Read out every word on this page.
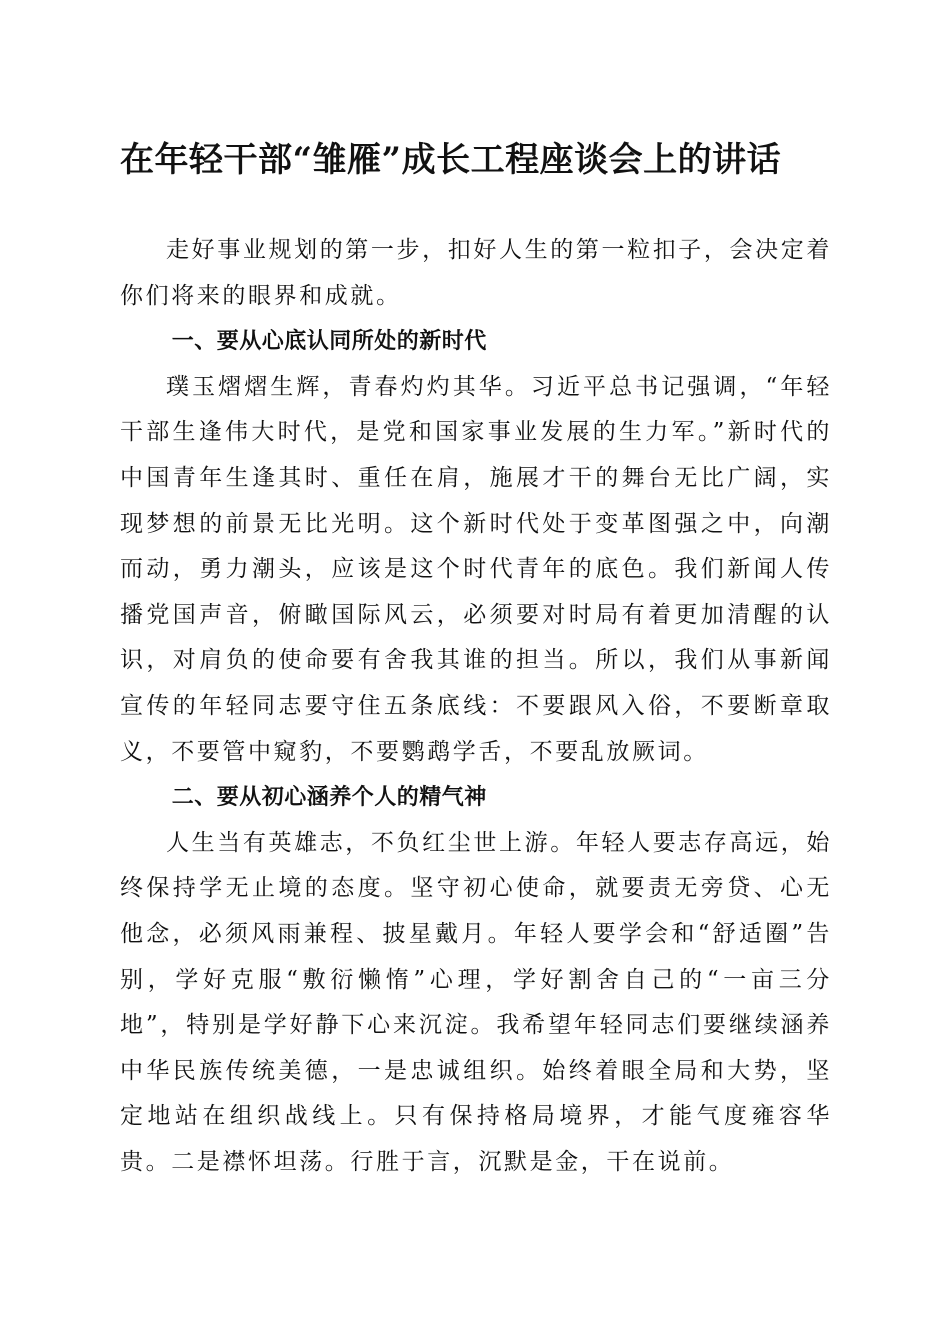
在年轻干部“雏雁”成长工程座谈会上的讲话

走好事业规划的第一步，扣好人生的第一粒扣子，会决定着你们将来的眼界和成就。

一、要从心底认同所处的新时代

璞玉熠熠生辉，青春灼灼其华。习近平总书记强调，“年轻干部生逢伟大时代，是党和国家事业发展的生力军。”新时代的中国青年生逢其时、重任在肩，施展才干的舞台无比广阔，实现梦想的前景无比光明。这个新时代处于变革图强之中，向潮而动，勇力潮头，应该是这个时代青年的底色。我们新闻人传播党国声音，俯瞰国际风云，必须要对时局有着更加清醒的认识，对肩负的使命要有舍我其谁的担当。所以，我们从事新闻宣传的年轻同志要守住五条底线：不要跟风入俗，不要断章取义，不要管中窥豹，不要鹦鹉学舌，不要乱放厥词。

二、要从初心涵养个人的精气神

人生当有英雄志，不负红尘世上游。年轻人要志存高远，始终保持学无止境的态度。坚守初心使命，就要责无旁贷、心无他念，必须风雨兼程、披星戴月。年轻人要学会和“舒适圈”告别，学好克服“敷衍懒惰”心理，学好割舍自己的“一亩三分地”，特别是学好静下心来沉淀。我希望年轻同志们要继续涵养中华民族传统美德，一是忠诚组织。始终着眼全局和大势，坚定地站在组织战线上。只有保持格局境界，才能气度雍容华贵。二是襟怀坦荡。行胜于言，沉默是金，干在说前。
